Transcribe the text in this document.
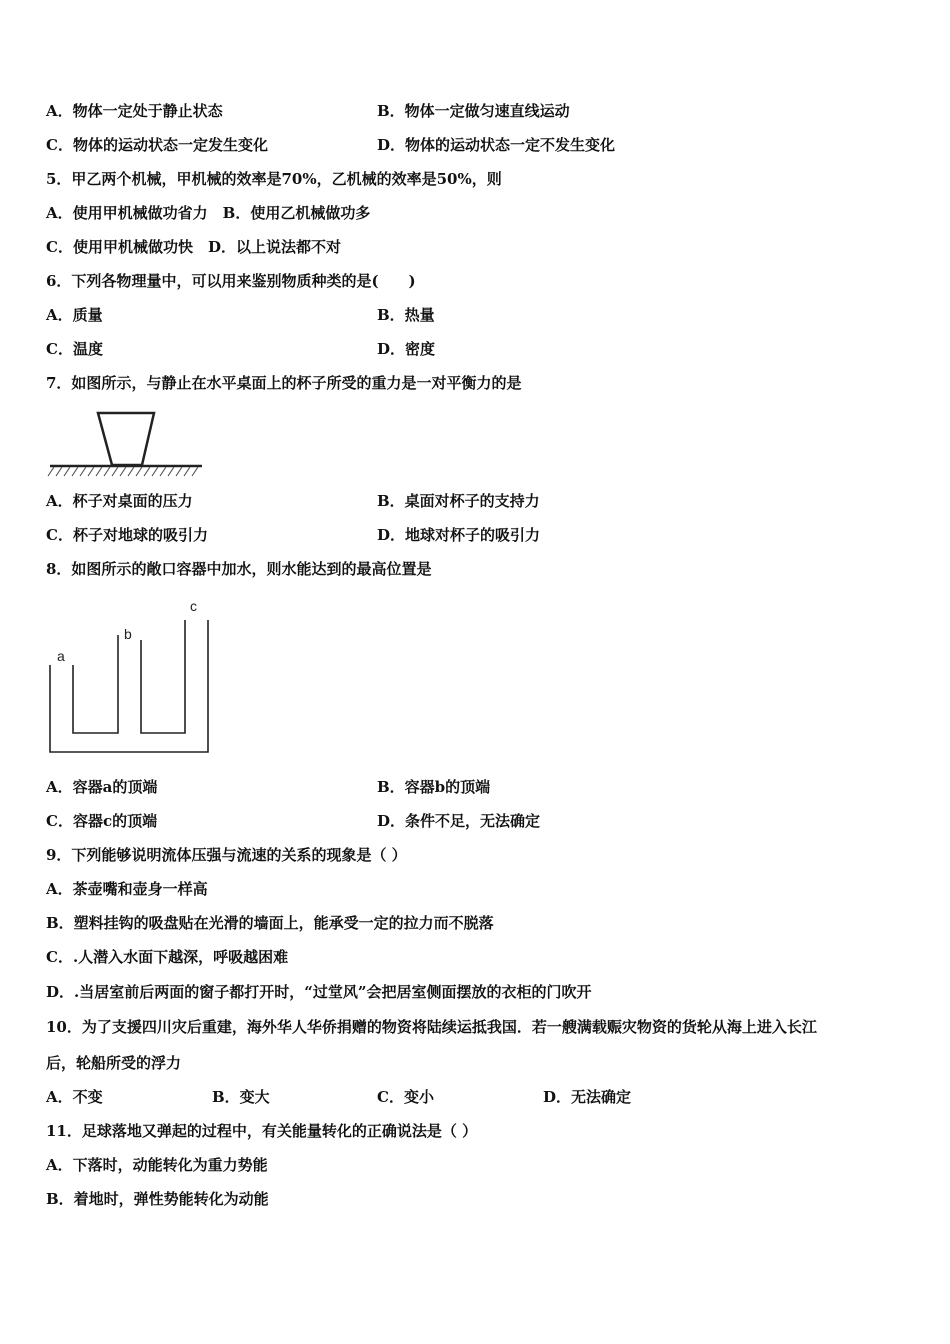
A．物体一定处于静止状态	B．物体一定做匀速直线运动
C．物体的运动状态一定发生变化	D．物体的运动状态一定不发生变化
5．甲乙两个机械，甲机械的效率是70%，乙机械的效率是50%，则
A．使用甲机械做功省力　B．使用乙机械做功多
C．使用甲机械做功快　D．以上说法都不对
6．下列各物理量中，可以用来鉴别物质种类的是(　　)
A．质量	B．热量
C．温度	D．密度
7．如图所示，与静止在水平桌面上的杯子所受的重力是一对平衡力的是
A．杯子对桌面的压力	B．桌面对杯子的支持力
C．杯子对地球的吸引力	D．地球对杯子的吸引力
8．如图所示的敞口容器中加水，则水能达到的最高位置是
a
b
c
A．容器a的顶端	B．容器b的顶端
C．容器c的顶端	D．条件不足，无法确定
9．下列能够说明流体压强与流速的关系的现象是（ ）
A．茶壶嘴和壶身一样高
B．塑料挂钩的吸盘贴在光滑的墙面上，能承受一定的拉力而不脱落
C．.人潜入水面下越深，呼吸越困难
D．.当居室前后两面的窗子都打开时，“过堂风”会把居室侧面摆放的衣柜的门吹开
10．为了支援四川灾后重建，海外华人华侨捐赠的物资将陆续运抵我国．若一艘满载赈灾物资的货轮从海上进入长江
后，轮船所受的浮力
A．不变	B．变大	C．变小	D．无法确定
11．足球落地又弹起的过程中，有关能量转化的正确说法是（ ）
A．下落时，动能转化为重力势能
B．着地时，弹性势能转化为动能
